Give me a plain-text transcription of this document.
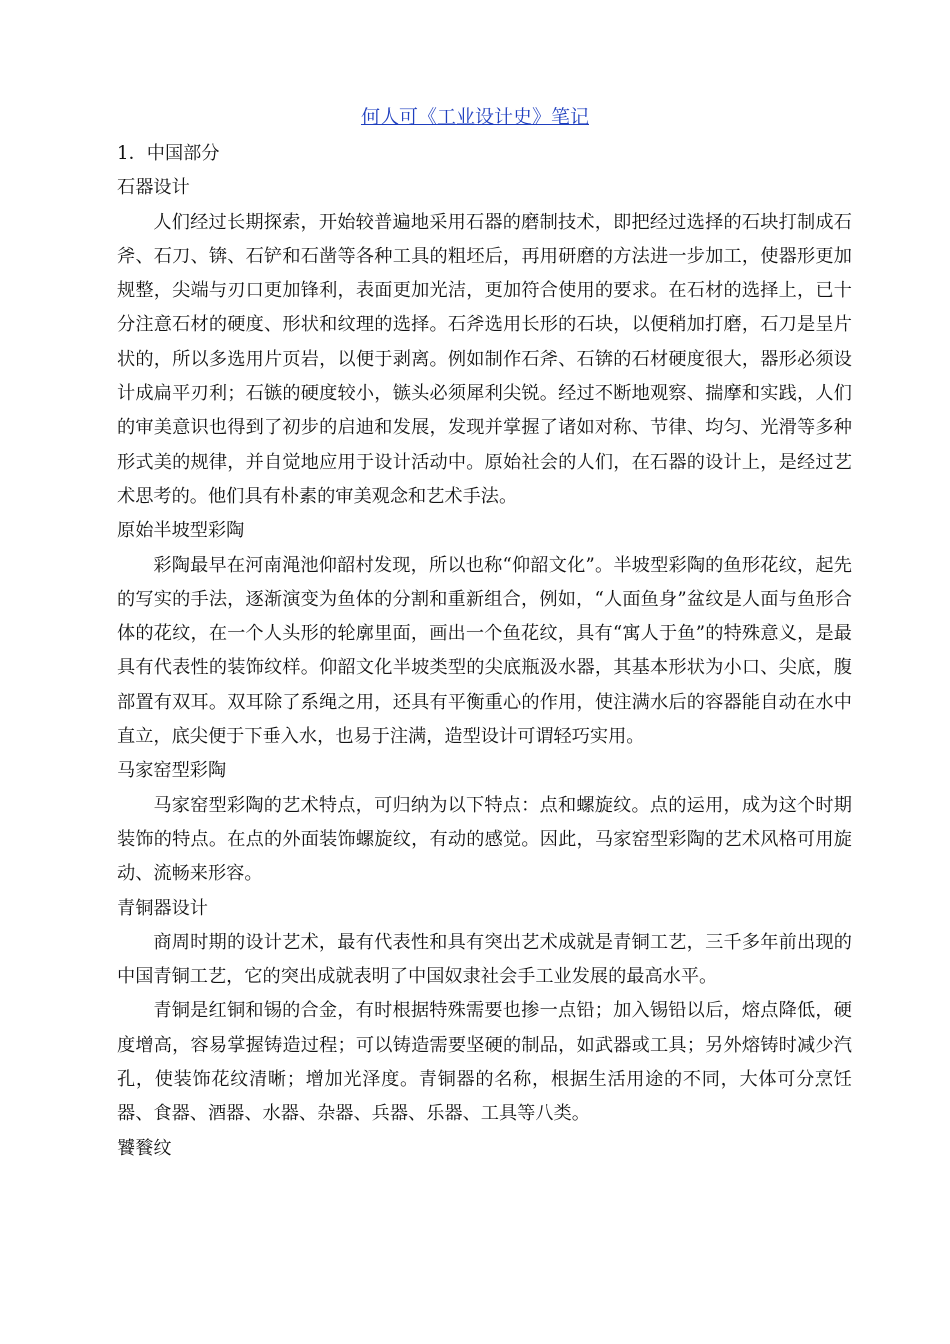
何人可《工业设计史》笔记

1．中国部分

石器设计

人们经过长期探索，开始较普遍地采用石器的磨制技术，即把经过选择的石块打制成石斧、石刀、锛、石铲和石凿等各种工具的粗坯后，再用研磨的方法进一步加工，使器形更加规整，尖端与刃口更加锋利，表面更加光洁，更加符合使用的要求。在石材的选择上，已十分注意石材的硬度、形状和纹理的选择。石斧选用长形的石块，以便稍加打磨，石刀是呈片状的，所以多选用片页岩，以便于剥离。例如制作石斧、石锛的石材硬度很大，器形必须设计成扁平刃利；石镞的硬度较小，镞头必须犀利尖锐。经过不断地观察、揣摩和实践，人们的审美意识也得到了初步的启迪和发展，发现并掌握了诸如对称、节律、均匀、光滑等多种形式美的规律，并自觉地应用于设计活动中。原始社会的人们，在石器的设计上，是经过艺术思考的。他们具有朴素的审美观念和艺术手法。

原始半坡型彩陶

彩陶最早在河南渑池仰韶村发现，所以也称“仰韶文化”。半坡型彩陶的鱼形花纹，起先的写实的手法，逐渐演变为鱼体的分割和重新组合，例如，“人面鱼身”盆纹是人面与鱼形合体的花纹，在一个人头形的轮廓里面，画出一个鱼花纹，具有“寓人于鱼”的特殊意义，是最具有代表性的装饰纹样。仰韶文化半坡类型的尖底瓶汲水器，其基本形状为小口、尖底，腹部置有双耳。双耳除了系绳之用，还具有平衡重心的作用，使注满水后的容器能自动在水中直立，底尖便于下垂入水，也易于注满，造型设计可谓轻巧实用。

马家窑型彩陶

马家窑型彩陶的艺术特点，可归纳为以下特点：点和螺旋纹。点的运用，成为这个时期装饰的特点。在点的外面装饰螺旋纹，有动的感觉。因此，马家窑型彩陶的艺术风格可用旋动、流畅来形容。

青铜器设计

商周时期的设计艺术，最有代表性和具有突出艺术成就是青铜工艺，三千多年前出现的中国青铜工艺，它的突出成就表明了中国奴隶社会手工业发展的最高水平。

青铜是红铜和锡的合金，有时根据特殊需要也掺一点铅；加入锡铅以后，熔点降低，硬度增高，容易掌握铸造过程；可以铸造需要坚硬的制品，如武器或工具；另外熔铸时减少汽孔，使装饰花纹清晰；增加光泽度。青铜器的名称，根据生活用途的不同，大体可分烹饪器、食器、酒器、水器、杂器、兵器、乐器、工具等八类。

饕餮纹
